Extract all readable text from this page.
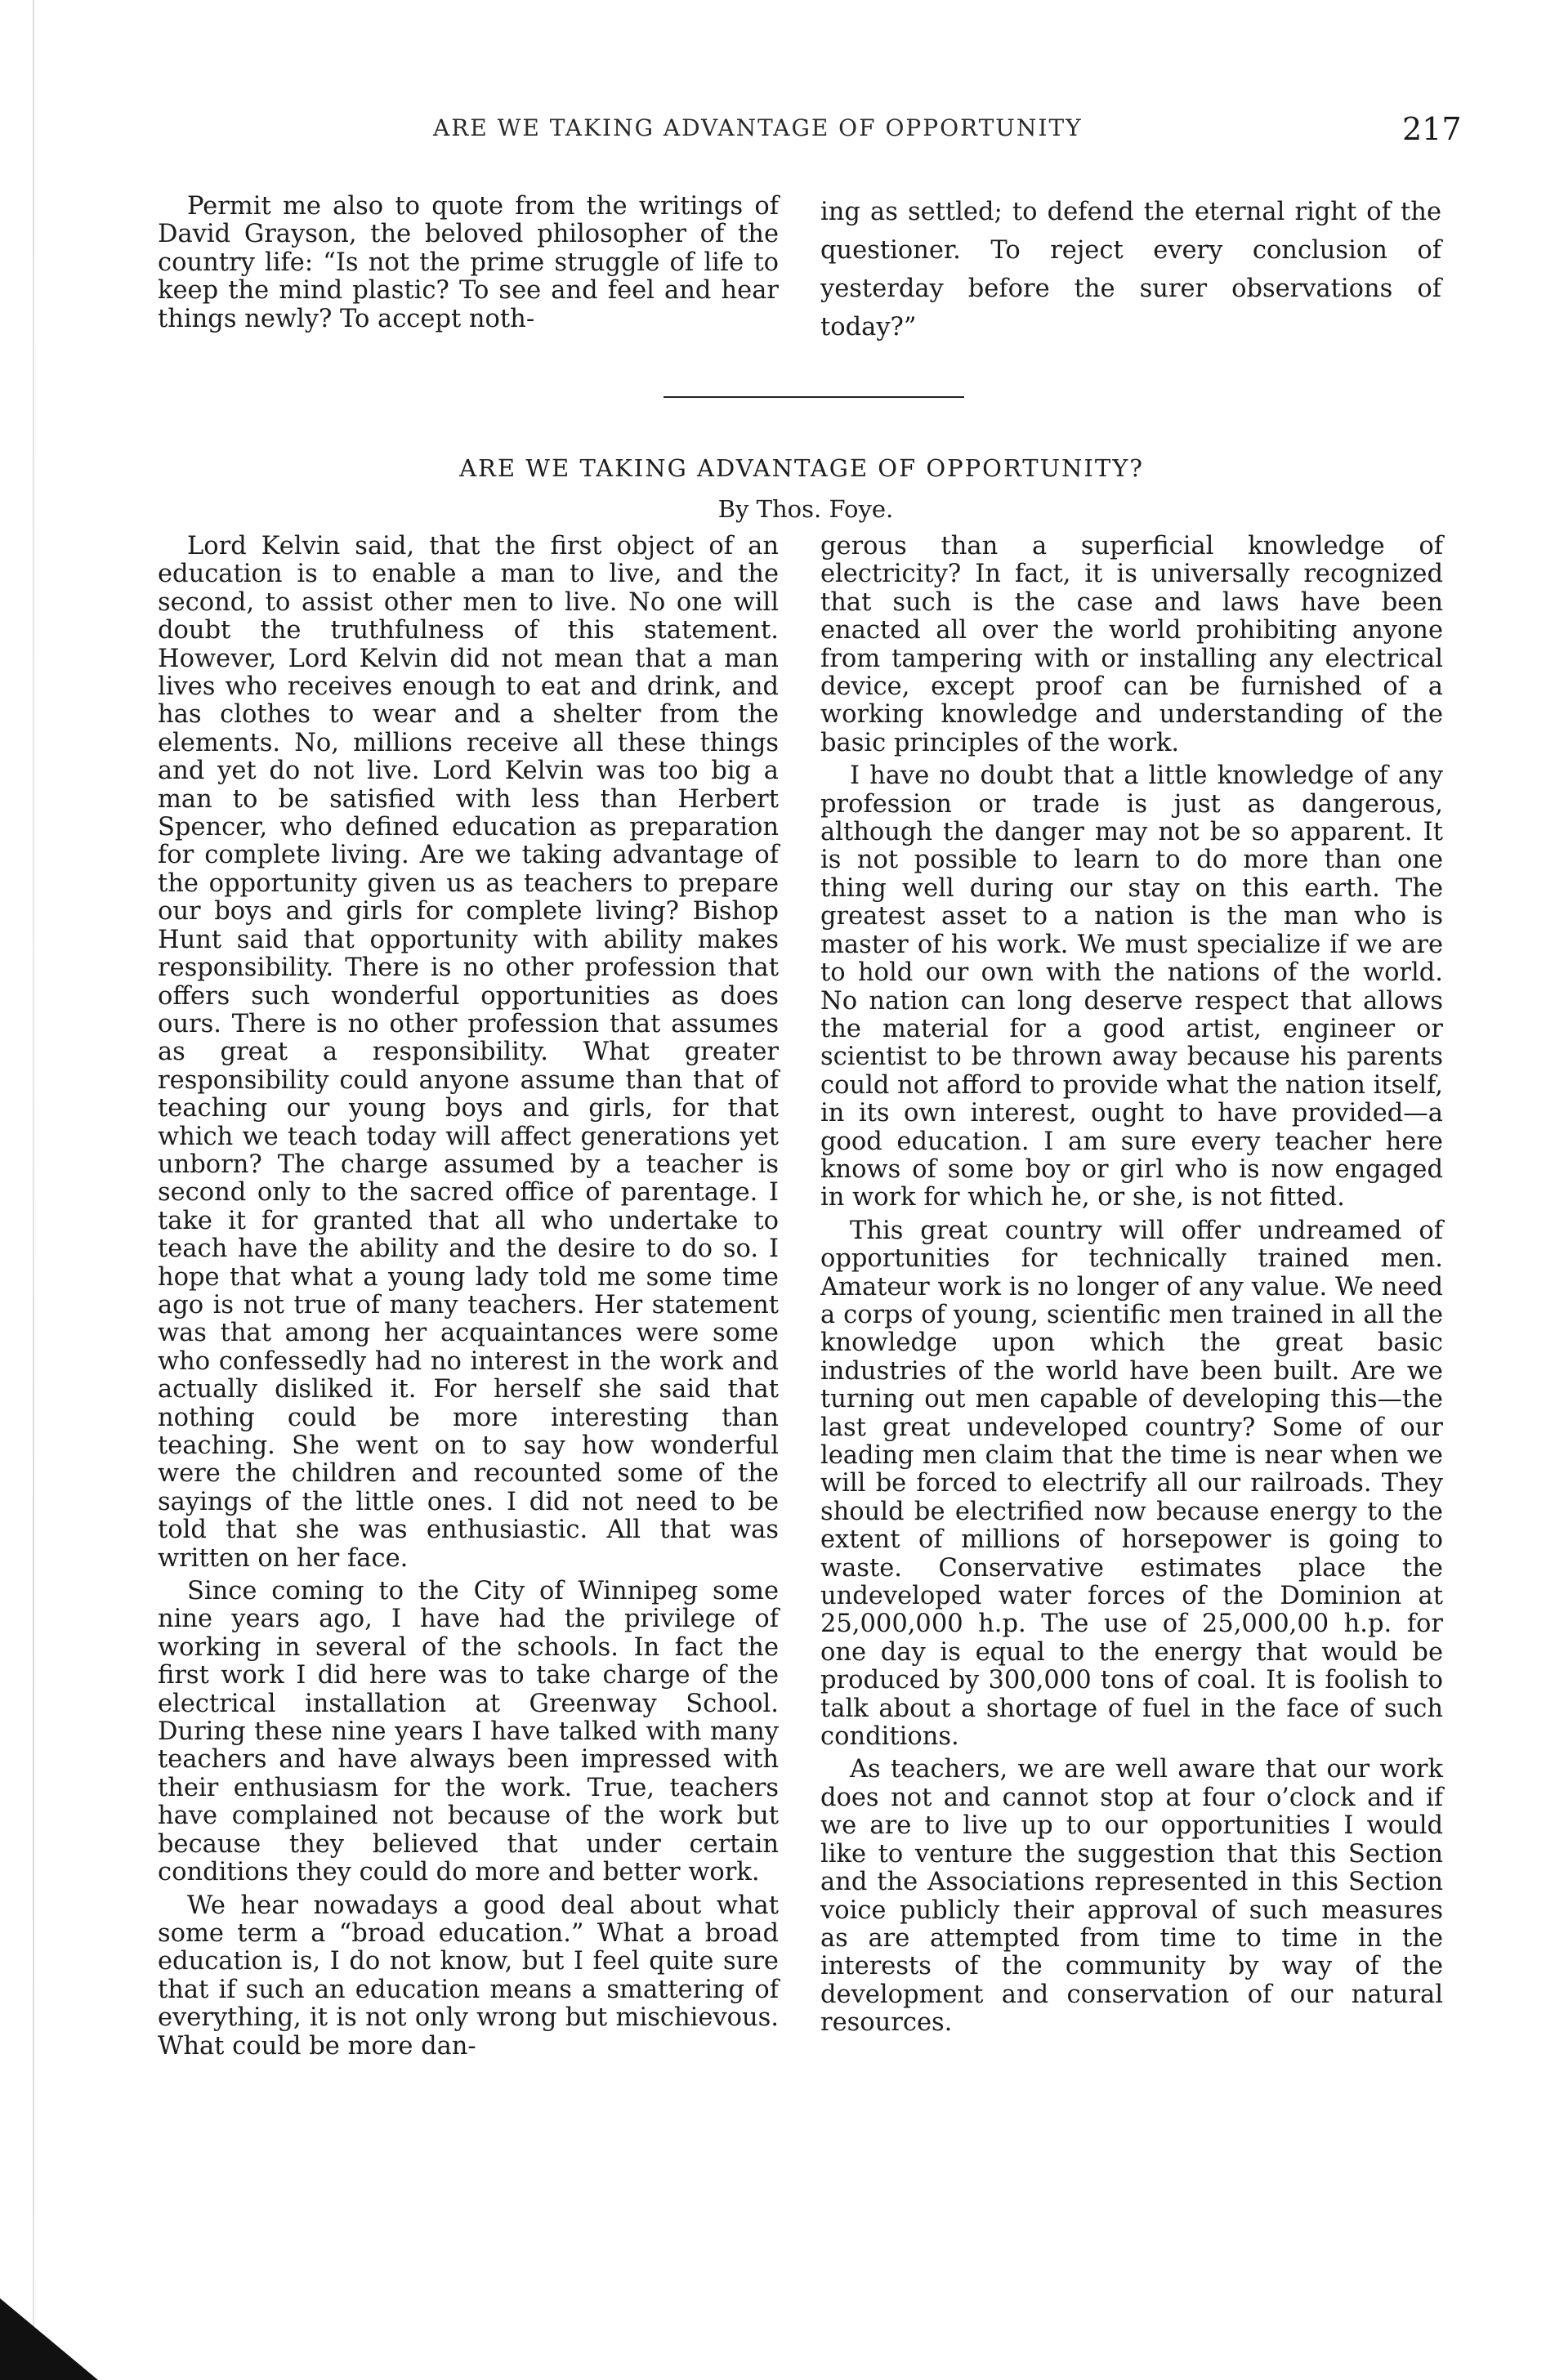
ARE WE TAKING ADVANTAGE OF OPPORTUNITY	217

Permit me also to quote from the writings of David Grayson, the beloved philosopher of the country life: “Is not the prime struggle of life to keep the mind plastic? To see and feel and hear things newly? To accept noth-

ing as settled; to defend the eternal right of the questioner. To reject every conclusion of yesterday before the surer observations of today?”

ARE WE TAKING ADVANTAGE OF OPPORTUNITY?
By Thos. Foye.

Lord Kelvin said, that the first object of an education is to enable a man to live, and the second, to assist other men to live. No one will doubt the truthfulness of this statement. However, Lord Kelvin did not mean that a man lives who receives enough to eat and drink, and has clothes to wear and a shelter from the elements. No, millions receive all these things and yet do not live. Lord Kelvin was too big a man to be satisfied with less than Herbert Spencer, who defined education as preparation for complete living. Are we taking advantage of the opportunity given us as teachers to prepare our boys and girls for complete living? Bishop Hunt said that opportunity with ability makes responsibility. There is no other profession that offers such wonderful opportunities as does ours. There is no other profession that assumes as great a responsibility. What greater responsibility could anyone assume than that of teaching our young boys and girls, for that which we teach today will affect generations yet unborn? The charge assumed by a teacher is second only to the sacred office of parentage. I take it for granted that all who undertake to teach have the ability and the desire to do so. I hope that what a young lady told me some time ago is not true of many teachers. Her statement was that among her acquaintances were some who confessedly had no interest in the work and actually disliked it. For herself she said that nothing could be more interesting than teaching. She went on to say how wonderful were the children and recounted some of the sayings of the little ones. I did not need to be told that she was enthusiastic. All that was written on her face.

Since coming to the City of Winnipeg some nine years ago, I have had the privilege of working in several of the schools. In fact the first work I did here was to take charge of the electrical installation at Greenway School. During these nine years I have talked with many teachers and have always been impressed with their enthusiasm for the work. True, teachers have complained not because of the work but because they believed that under certain conditions they could do more and better work.

We hear nowadays a good deal about what some term a “broad education.” What a broad education is, I do not know, but I feel quite sure that if such an education means a smattering of everything, it is not only wrong but mischievous. What could be more dan-

gerous than a superficial knowledge of electricity? In fact, it is universally recognized that such is the case and laws have been enacted all over the world prohibiting anyone from tampering with or installing any electrical device, except proof can be furnished of a working knowledge and understanding of the basic principles of the work.

I have no doubt that a little knowledge of any profession or trade is just as dangerous, although the danger may not be so apparent. It is not possible to learn to do more than one thing well during our stay on this earth. The greatest asset to a nation is the man who is master of his work. We must specialize if we are to hold our own with the nations of the world. No nation can long deserve respect that allows the material for a good artist, engineer or scientist to be thrown away because his parents could not afford to provide what the nation itself, in its own interest, ought to have provided—a good education. I am sure every teacher here knows of some boy or girl who is now engaged in work for which he, or she, is not fitted.

This great country will offer undreamed of opportunities for technically trained men. Amateur work is no longer of any value. We need a corps of young, scientific men trained in all the knowledge upon which the great basic industries of the world have been built. Are we turning out men capable of developing this—the last great undeveloped country? Some of our leading men claim that the time is near when we will be forced to electrify all our railroads. They should be electrified now because energy to the extent of millions of horsepower is going to waste. Conservative estimates place the undeveloped water forces of the Dominion at 25,000,000 h.p. The use of 25,000,00 h.p. for one day is equal to the energy that would be produced by 300,000 tons of coal. It is foolish to talk about a shortage of fuel in the face of such conditions.

As teachers, we are well aware that our work does not and cannot stop at four o’clock and if we are to live up to our opportunities I would like to venture the suggestion that this Section and the Associations represented in this Section voice publicly their approval of such measures as are attempted from time to time in the interests of the community by way of the development and conservation of our natural resources.
